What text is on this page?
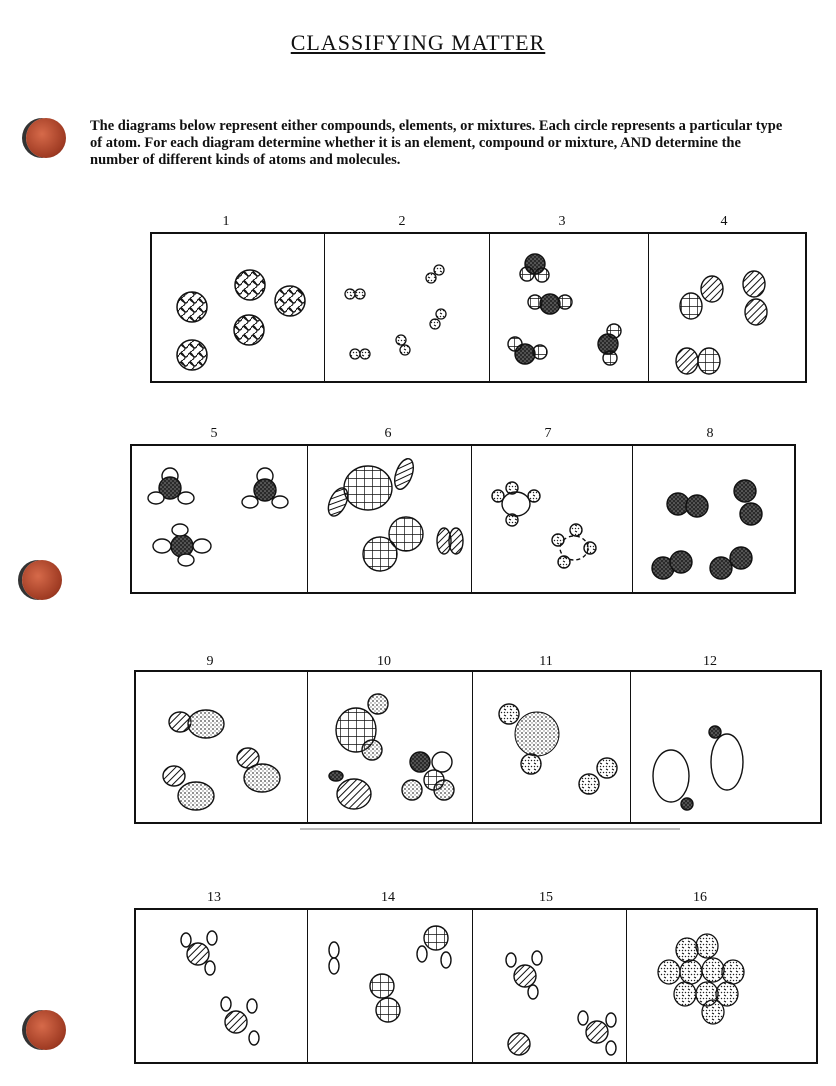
CLASSIFYING MATTER
The diagrams below represent either compounds, elements, or mixtures. Each circle represents a particular type of atom. For each diagram determine whether it is an element, compound or mixture, AND determine the number of different kinds of atoms and molecules.
1	2	3	4
5	6	7	8
9	10	11	12
13	14	15	16
